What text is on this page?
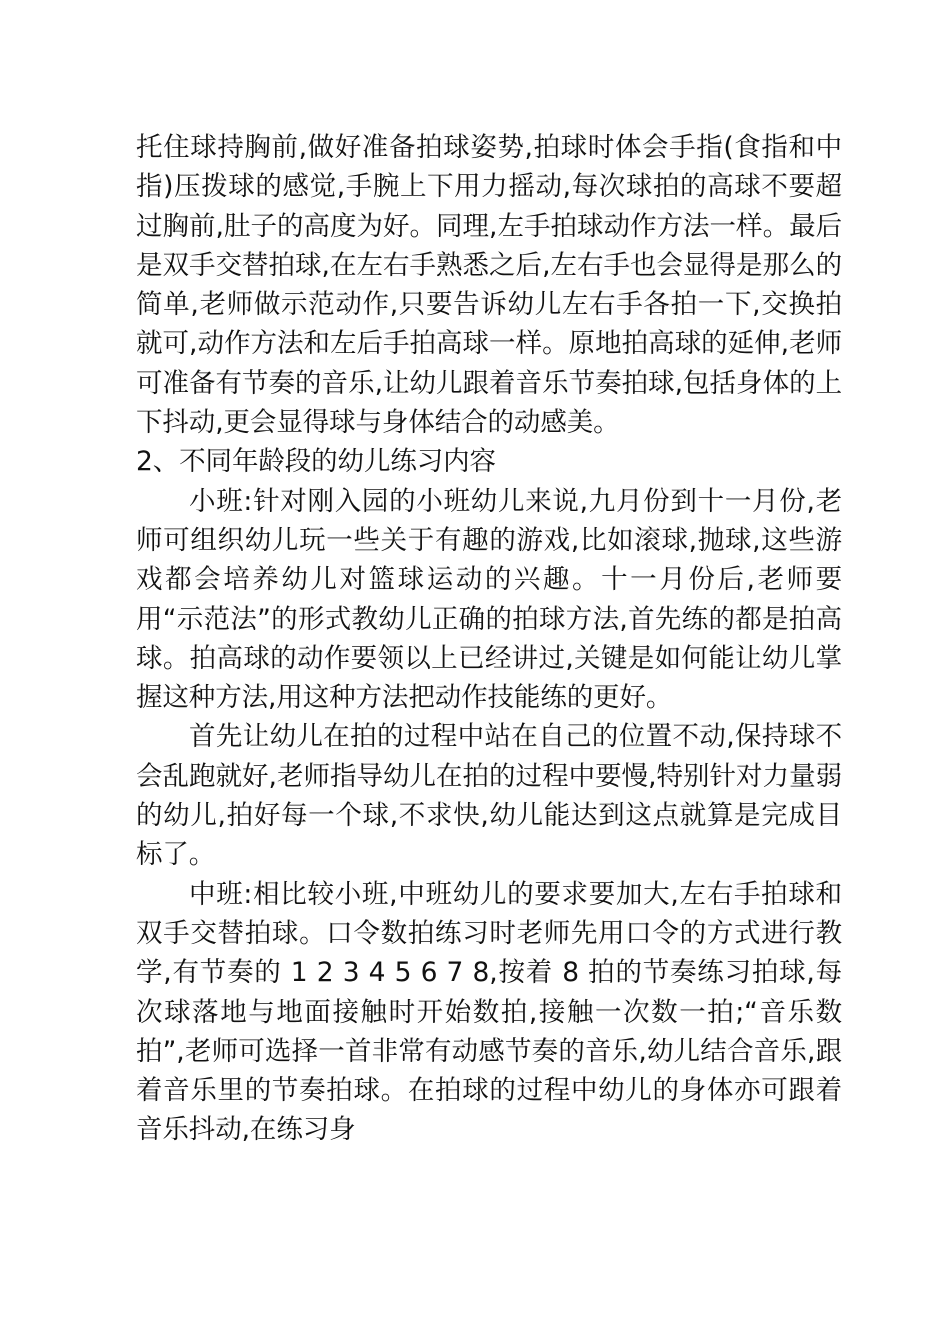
托住球持胸前,做好准备拍球姿势,拍球时体会手指(食指和中指)压拨球的感觉,手腕上下用力摇动,每次球拍的高球不要超过胸前,肚子的高度为好。同理,左手拍球动作方法一样。最后是双手交替拍球,在左右手熟悉之后,左右手也会显得是那么的简单,老师做示范动作,只要告诉幼儿左右手各拍一下,交换拍就可,动作方法和左后手拍高球一样。原地拍高球的延伸,老师可准备有节奏的音乐,让幼儿跟着音乐节奏拍球,包括身体的上下抖动,更会显得球与身体结合的动感美。

2、不同年龄段的幼儿练习内容

小班:针对刚入园的小班幼儿来说,九月份到十一月份,老师可组织幼儿玩一些关于有趣的游戏,比如滚球,抛球,这些游戏都会培养幼儿对篮球运动的兴趣。十一月份后,老师要用“示范法”的形式教幼儿正确的拍球方法,首先练的都是拍高球。拍高球的动作要领以上已经讲过,关键是如何能让幼儿掌握这种方法,用这种方法把动作技能练的更好。

首先让幼儿在拍的过程中站在自己的位置不动,保持球不会乱跑就好,老师指导幼儿在拍的过程中要慢,特别针对力量弱的幼儿,拍好每一个球,不求快,幼儿能达到这点就算是完成目标了。

中班:相比较小班,中班幼儿的要求要加大,左右手拍球和双手交替拍球。口令数拍练习时老师先用口令的方式进行教学,有节奏的 1 2 3 4 5 6 7 8,按着 8 拍的节奏练习拍球,每次球落地与地面接触时开始数拍,接触一次数一拍;“音乐数拍”,老师可选择一首非常有动感节奏的音乐,幼儿结合音乐,跟着音乐里的节奏拍球。在拍球的过程中幼儿的身体亦可跟着音乐抖动,在练习身
